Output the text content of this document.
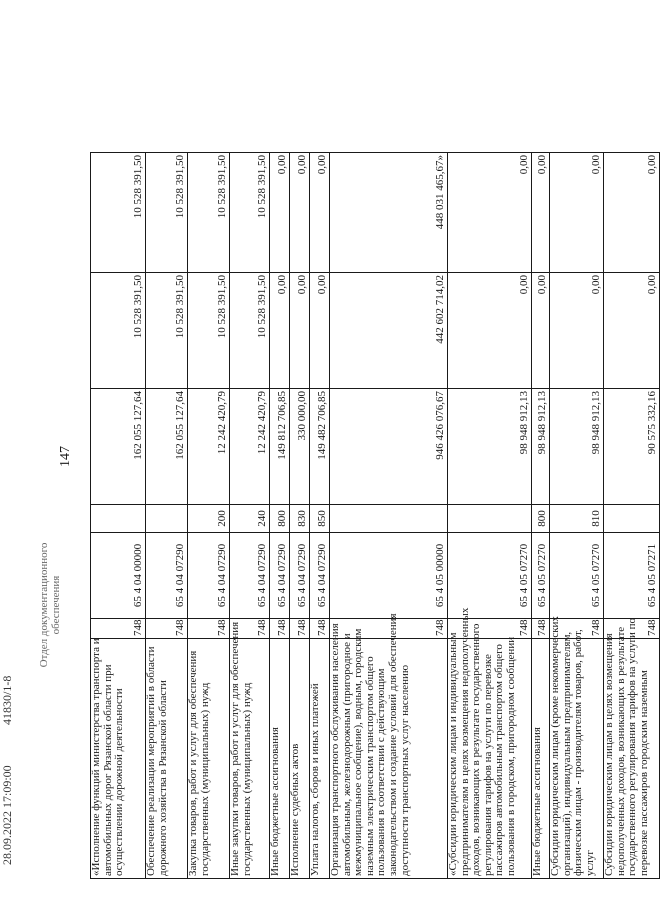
147
«Исполнение функций министерства транспорта и автомобильных дорог Рязанской области при осуществлении дорожной деятельности
748
65 4 04 00000
162 055 127,64
10 528 391,50
10 528 391,50
Обеспечение реализации мероприятий в области дорожного хозяйства в Рязанской области
748
65 4 04 07290
162 055 127,64
10 528 391,50
10 528 391,50
Закупка товаров, работ и услуг для обеспечения государственных (муниципальных) нужд
748
65 4 04 07290
200
12 242 420,79
10 528 391,50
10 528 391,50
Иные закупки товаров, работ и услуг для обеспечения государственных (муниципальных) нужд
748
65 4 04 07290
240
12 242 420,79
10 528 391,50
10 528 391,50
Иные бюджетные ассигнования
748
65 4 04 07290
800
149 812 706,85
0,00
0,00
Исполнение судебных актов
748
65 4 04 07290
830
330 000,00
0,00
0,00
Уплата налогов, сборов и иных платежей
748
65 4 04 07290
850
149 482 706,85
0,00
0,00
Организация транспортного обслуживания населения автомобильным, железнодорожным (пригородное и межмуниципальное сообщение), водным, городским наземным электрическим транспортом общего пользования в соответствии с действующим законодательством и создание условий для обеспечения доступности транспортных услуг населению
748
65 4 05 00000
946 426 076,67
442 602 714,02
448 031 465,67»
«Субсидии юридическим лицам и индивидуальным предпринимателям в целях возмещения недополученных доходов, возникающих в результате государственного регулирования тарифов на услуги по перевозке пассажиров автомобильным транспортом общего пользования в городском, пригородном сообщении
748
65 4 05 07270
98 948 912,13
0,00
0,00
Иные бюджетные ассигнования
748
65 4 05 07270
800
98 948 912,13
0,00
0,00
Субсидии юридическим лицам (кроме некоммерческих организаций), индивидуальным предпринимателям, физическим лицам - производителям товаров, работ, услуг
748
65 4 05 07270
810
98 948 912,13
0,00
0,00
Субсидии юридическим лицам в целях возмещения недополученных доходов, возникающих в результате государственного регулирования тарифов на услуги по перевозке пассажиров городским наземным
748
65 4 05 07271
90 575 332,16
0,00
0,00
28.09.2022 17:09:00
41830/1-8
Отдел документационного обеспечения
